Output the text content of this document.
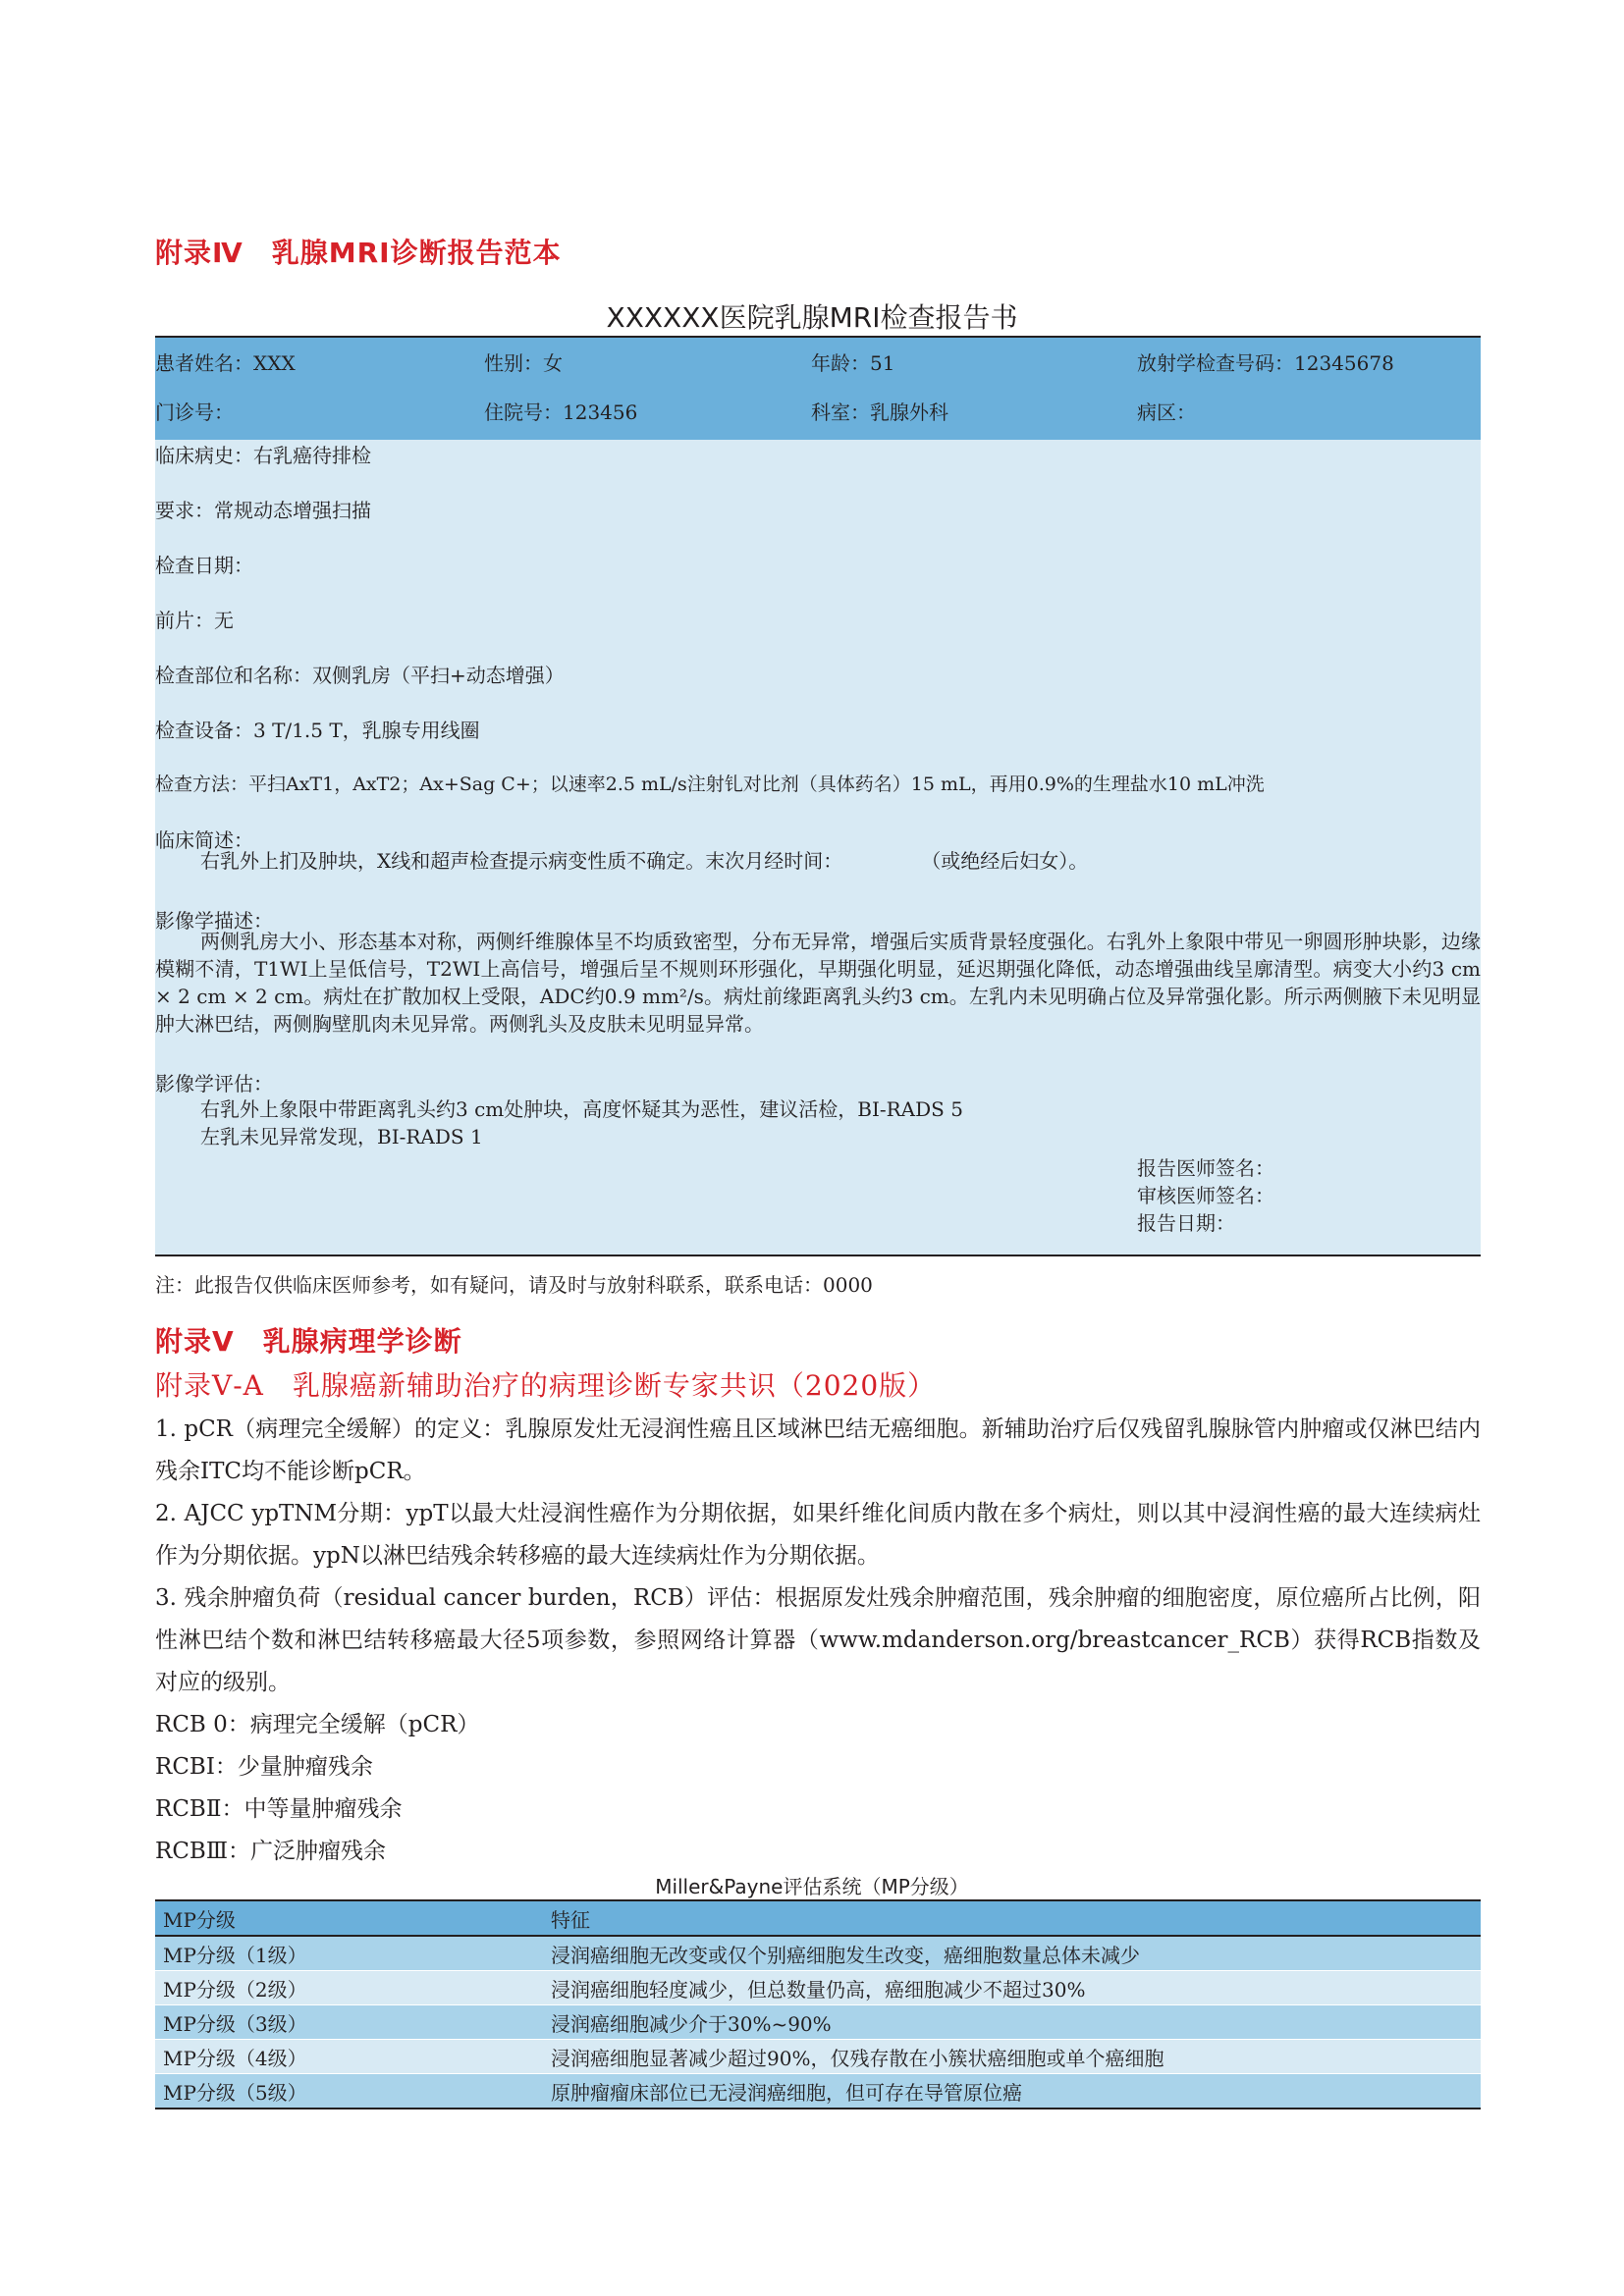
附录Ⅳ　乳腺MRI诊断报告范本
XXXXXX医院乳腺MRI检查报告书
患者姓名：XXX	性别：女	年龄：51	放射学检查号码：12345678
门诊号：	住院号：123456	科室：乳腺外科	病区：
临床病史：右乳癌待排检
要求：常规动态增强扫描
检查日期：
前片：无
检查部位和名称：双侧乳房（平扫+动态增强）
检查设备：3 T/1.5 T，乳腺专用线圈
检查方法：平扫AxT1，AxT2；Ax+Sag C+；以速率2.5 mL/s注射钆对比剂（具体药名）15 mL，再用0.9%的生理盐水10 mL冲洗
临床简述：
右乳外上扪及肿块，X线和超声检查提示病变性质不确定。末次月经时间：　　　　　（或绝经后妇女）。
影像学描述：
两侧乳房大小、形态基本对称，两侧纤维腺体呈不均质致密型，分布无异常，增强后实质背景轻度强化。右乳外上象限中带见一卵圆形肿块影，边缘模糊不清，T1WI上呈低信号，T2WI上高信号，增强后呈不规则环形强化，早期强化明显，延迟期强化降低，动态增强曲线呈廓清型。病变大小约3 cm × 2 cm × 2 cm。病灶在扩散加权上受限，ADC约0.9 mm²/s。病灶前缘距离乳头约3 cm。左乳内未见明确占位及异常强化影。所示两侧腋下未见明显肿大淋巴结，两侧胸壁肌肉未见异常。两侧乳头及皮肤未见明显异常。
影像学评估：
右乳外上象限中带距离乳头约3 cm处肿块，高度怀疑其为恶性，建议活检，BI-RADS 5
左乳未见异常发现，BI-RADS 1
报告医师签名：
审核医师签名：
报告日期：
注：此报告仅供临床医师参考，如有疑问，请及时与放射科联系，联系电话：0000
附录Ⅴ　乳腺病理学诊断
附录Ⅴ-A　乳腺癌新辅助治疗的病理诊断专家共识（2020版）
1. pCR（病理完全缓解）的定义：乳腺原发灶无浸润性癌且区域淋巴结无癌细胞。新辅助治疗后仅残留乳腺脉管内肿瘤或仅淋巴结内残余ITC均不能诊断pCR。
2. AJCC ypTNM分期：ypT以最大灶浸润性癌作为分期依据，如果纤维化间质内散在多个病灶，则以其中浸润性癌的最大连续病灶作为分期依据。ypN以淋巴结残余转移癌的最大连续病灶作为分期依据。
3. 残余肿瘤负荷（residual cancer burden，RCB）评估：根据原发灶残余肿瘤范围，残余肿瘤的细胞密度，原位癌所占比例，阳性淋巴结个数和淋巴结转移癌最大径5项参数，参照网络计算器（www.mdanderson.org/breastcancer_RCB）获得RCB指数及对应的级别。
RCB 0：病理完全缓解（pCR）
RCBⅠ：少量肿瘤残余
RCBⅡ：中等量肿瘤残余
RCBⅢ：广泛肿瘤残余
Miller&Payne评估系统（MP分级）
MP分级	特征
MP分级（1级）	浸润癌细胞无改变或仅个别癌细胞发生改变，癌细胞数量总体未减少
MP分级（2级）	浸润癌细胞轻度减少，但总数量仍高，癌细胞减少不超过30%
MP分级（3级）	浸润癌细胞减少介于30%~90%
MP分级（4级）	浸润癌细胞显著减少超过90%，仅残存散在小簇状癌细胞或单个癌细胞
MP分级（5级）	原肿瘤瘤床部位已无浸润癌细胞，但可存在导管原位癌
